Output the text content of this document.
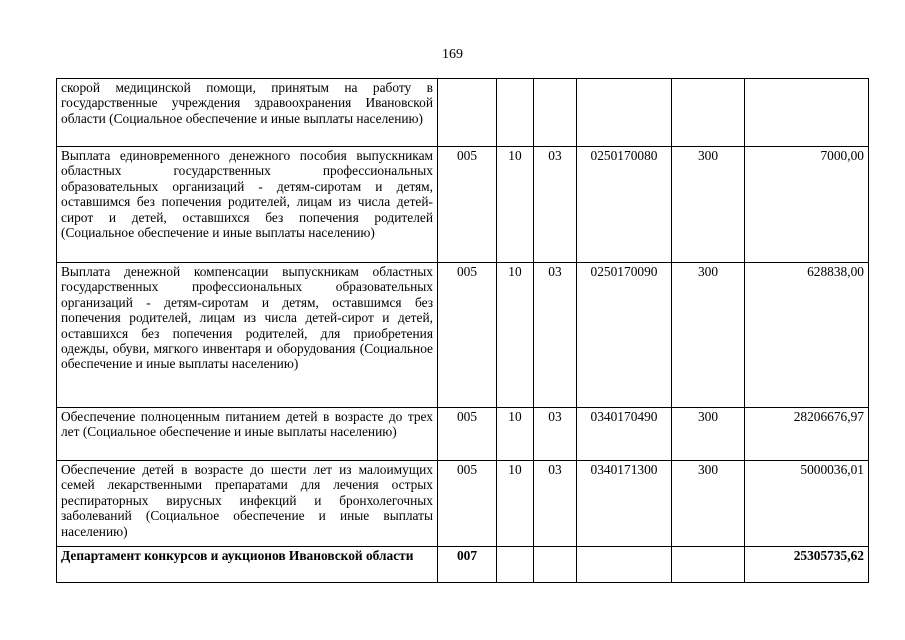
169
скорой медицинской помощи, принятым на работу в государственные учреждения здравоохранения Ивановской области (Социальное обеспечение и иные выплаты населению)						
Выплата единовременного денежного пособия выпускникам областных государственных профессиональных образовательных организаций - детям-сиротам и детям, оставшимся без попечения родителей, лицам из числа детей-сирот и детей, оставшихся без попечения родителей (Социальное обеспечение и иные выплаты населению)	005	10	03	0250170080	300	7000,00
Выплата денежной компенсации выпускникам областных государственных профессиональных образовательных организаций - детям-сиротам и детям, оставшимся без попечения родителей, лицам из числа детей-сирот и детей, оставшихся без попечения родителей, для приобретения одежды, обуви, мягкого инвентаря и оборудования (Социальное обеспечение и иные выплаты населению)	005	10	03	0250170090	300	628838,00
Обеспечение полноценным питанием детей в возрасте до трех лет (Социальное обеспечение и иные выплаты населению)	005	10	03	0340170490	300	28206676,97
Обеспечение детей в возрасте до шести лет из малоимущих семей лекарственными препаратами для лечения острых респираторных вирусных инфекций и бронхолегочных заболеваний (Социальное обеспечение и иные выплаты населению)	005	10	03	0340171300	300	5000036,01
Департамент конкурсов и аукционов Ивановской области	007					25305735,62
